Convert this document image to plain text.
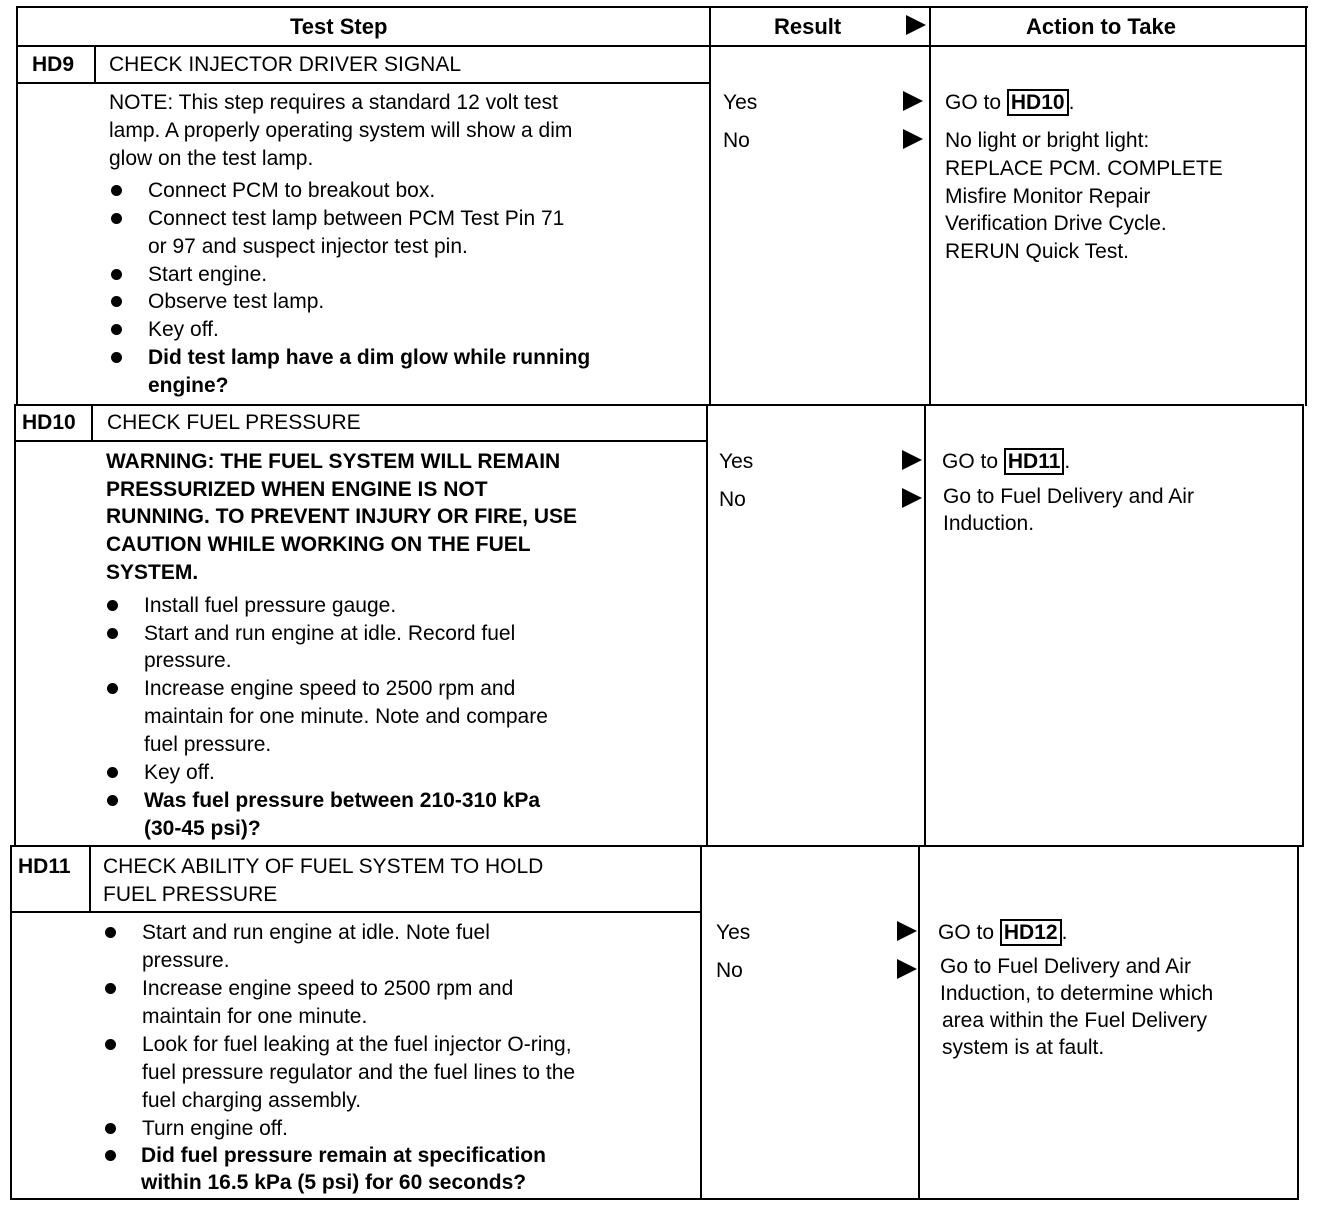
Test Step	Result	Action to Take
HD9 CHECK INJECTOR DRIVER SIGNAL
NOTE: This step requires a standard 12 volt test
lamp. A properly operating system will show a dim
glow on the test lamp.
Connect PCM to breakout box.
Connect test lamp between PCM Test Pin 71
or 97 and suspect injector test pin.
Start engine.
Observe test lamp.
Key off.
Did test lamp have a dim glow while running
engine?
Yes
No
GO to HD10 .
No light or bright light:
REPLACE PCM. COMPLETE
Misfire Monitor Repair
Verification Drive Cycle.
RERUN Quick Test.
HD10 CHECK FUEL PRESSURE
WARNING: THE FUEL SYSTEM WILL REMAIN
PRESSURIZED WHEN ENGINE IS NOT
RUNNING. TO PREVENT INJURY OR FIRE, USE
CAUTION WHILE WORKING ON THE FUEL
SYSTEM.
Install fuel pressure gauge.
Start and run engine at idle. Record fuel
pressure.
Increase engine speed to 2500 rpm and
maintain for one minute. Note and compare
fuel pressure.
Key off.
Was fuel pressure between 210-310 kPa
(30-45 psi)?
Yes
No
GO to HD11 .
Go to Fuel Delivery and Air
Induction.
HD11 CHECK ABILITY OF FUEL SYSTEM TO HOLD
FUEL PRESSURE
Start and run engine at idle. Note fuel
pressure.
Increase engine speed to 2500 rpm and
maintain for one minute.
Look for fuel leaking at the fuel injector O-ring,
fuel pressure regulator and the fuel lines to the
fuel charging assembly.
Turn engine off.
Did fuel pressure remain at specification
within 16.5 kPa (5 psi) for 60 seconds?
Yes
No
GO to HD12 .
Go to Fuel Delivery and Air
Induction, to determine which
area within the Fuel Delivery
system is at fault.
